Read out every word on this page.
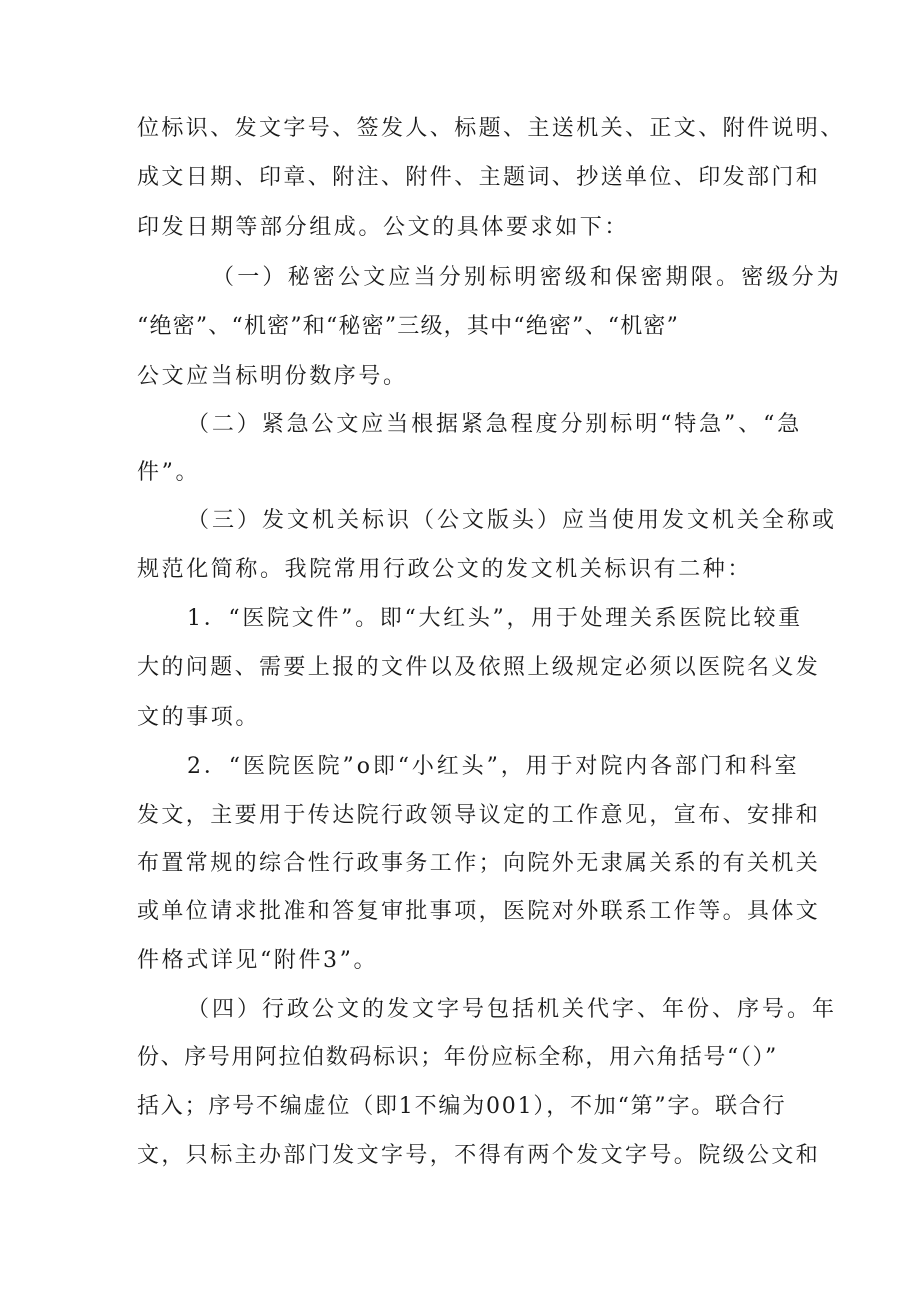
位标识、发文字号、签发人、标题、主送机关、正文、附件说明、
成文日期、印章、附注、附件、主题词、抄送单位、印发部门和
印发日期等部分组成。公文的具体要求如下：
（一）秘密公文应当分别标明密级和保密期限。密级分为
“绝密”、“机密”和“秘密”三级，其中“绝密”、“机密”
公文应当标明份数序号。
（二）紧急公文应当根据紧急程度分别标明“特急”、“急
件”。
（三）发文机关标识（公文版头）应当使用发文机关全称或
规范化简称。我院常用行政公文的发文机关标识有二种：
1．“医院文件”。即“大红头”，用于处理关系医院比较重
大的问题、需要上报的文件以及依照上级规定必须以医院名义发
文的事项。
2．“医院医院”o即“小红头”，用于对院内各部门和科室
发文，主要用于传达院行政领导议定的工作意见，宣布、安排和
布置常规的综合性行政事务工作；向院外无隶属关系的有关机关
或单位请求批准和答复审批事项，医院对外联系工作等。具体文
件格式详见“附件3”。
（四）行政公文的发文字号包括机关代字、年份、序号。年
份、序号用阿拉伯数码标识；年份应标全称，用六角括号“（）”
括入；序号不编虚位（即1不编为001），不加“第”字。联合行
文，只标主办部门发文字号，不得有两个发文字号。院级公文和
